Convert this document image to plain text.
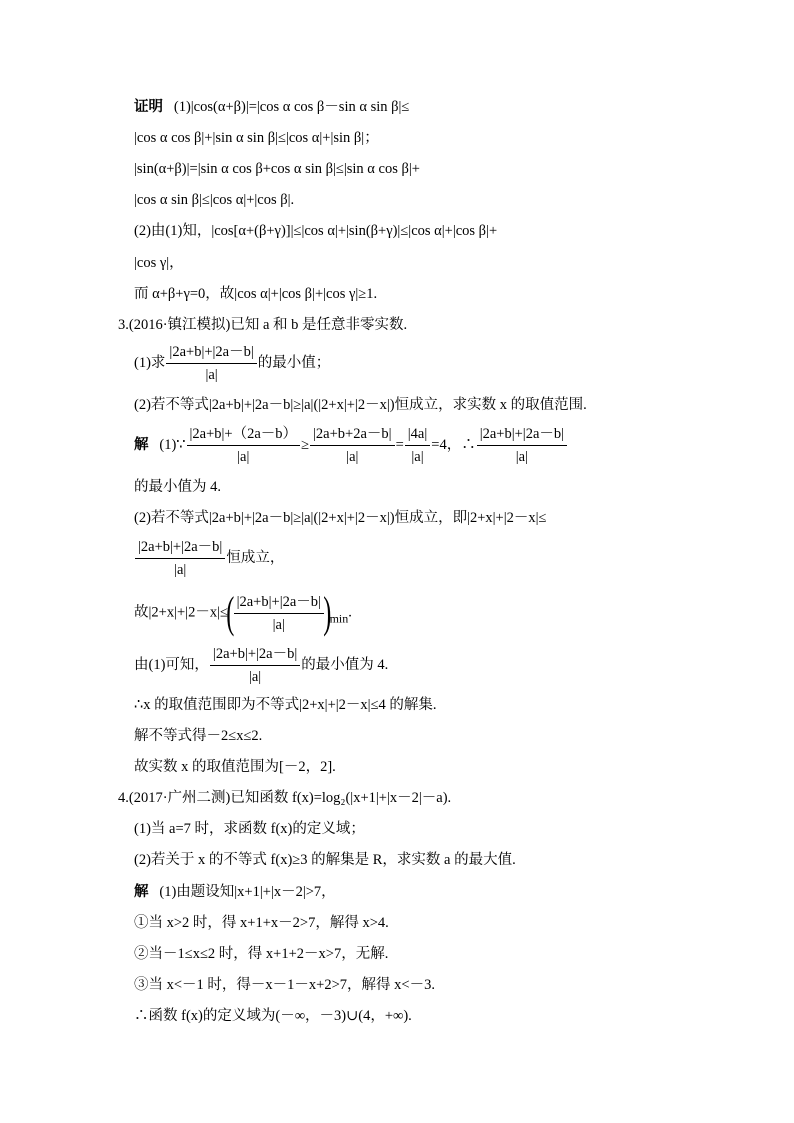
证明 (1)|cos(α+β)|=|cos α cos β－sin α sin β|≤
|cos α cos β|+|sin α sin β|≤|cos α|+|sin β|；
|sin(α+β)|=|sin α cos β+cos α sin β|≤|sin α cos β|+
|cos α sin β|≤|cos α|+|cos β|.
(2)由(1)知，|cos[α+(β+γ)]|≤|cos α|+|sin(β+γ)|≤|cos α|+|cos β|+
|cos γ|，
而 α+β+γ=0，故|cos α|+|cos β|+|cos γ|≥1.
3.(2016·镇江模拟)已知 a 和 b 是任意非零实数.
(1)求 $\frac{|2a+b|+|2a-b|}{|a|}$ 的最小值；
(2)若不等式|2a+b|+|2a－b|≥|a|(|2+x|+|2－x|)恒成立，求实数 x 的取值范围.
解 (1)∵ $\frac{|2a+b|+(2a-b)}{|a|} \ge \frac{|2a+b+2a-b|}{|a|} = \frac{|4a|}{|a|} =4$，∴ $\frac{|2a+b|+|2a-b|}{|a|}$
的最小值为 4.
(2)若不等式|2a+b|+|2a－b|≥|a|(|2+x|+|2－x|)恒成立，即|2+x|+|2－x|≤
$\frac{|2a+b|+|2a-b|}{|a|}$ 恒成立，
故$|2+x|+|2-x|\le( \frac{|2a+b|+|2a-b|}{|a|} )_{min}$.
由(1)可知， $\frac{|2a+b|+|2a-b|}{|a|}$ 的最小值为 4.
∴x 的取值范围即为不等式|2+x|+|2－x|≤4 的解集.
解不等式得－2≤x≤2.
故实数 x 的取值范围为[－2，2].
4.(2017·广州二测)已知函数 f(x)=log₂(|x+1|+|x－2|－a).
(1)当 a=7 时，求函数 f(x)的定义域；
(2)若关于 x 的不等式 f(x)≥3 的解集是 R，求实数 a 的最大值.
解 (1)由题设知|x+1|+|x－2|>7，
①当 x>2 时，得 x+1+x－2>7，解得 x>4.
②当－1≤x≤2 时，得 x+1+2－x>7，无解.
③当 x<－1 时，得－x－1－x+2>7，解得 x<－3.
∴函数 f(x)的定义域为(－∞，－3)∪(4，+∞).
